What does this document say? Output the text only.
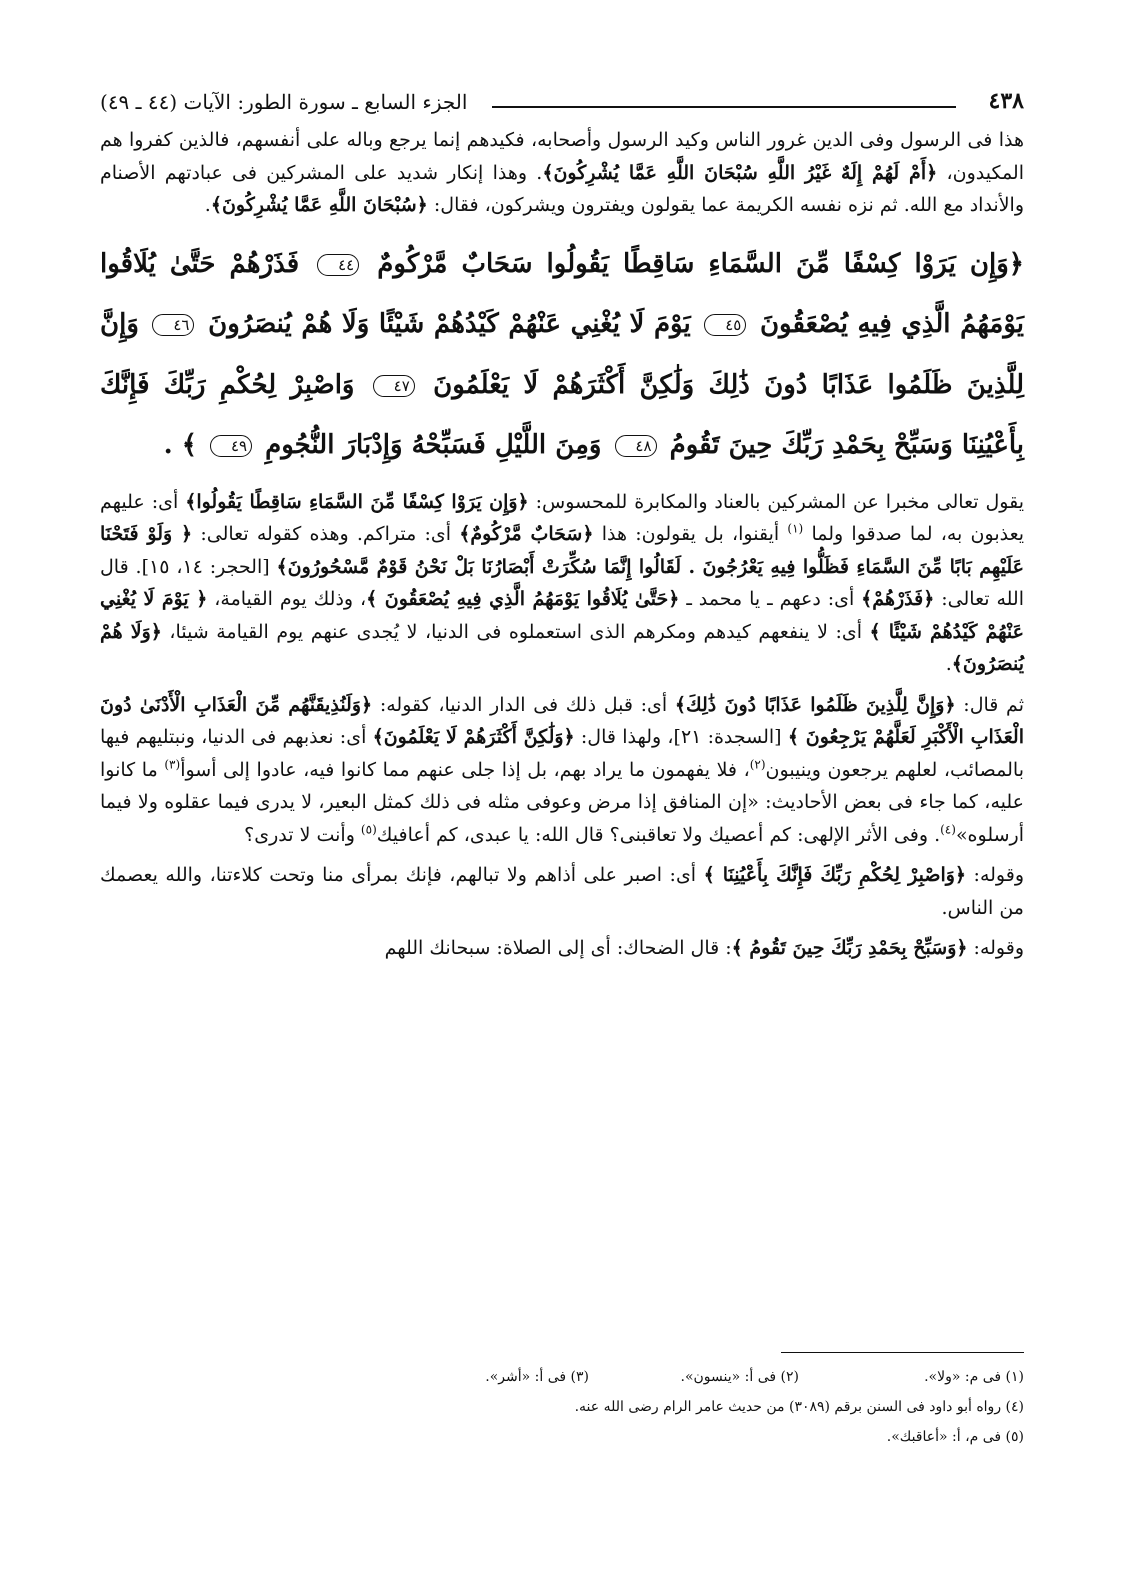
٤٣٨
الجزء السابع ـ سورة الطور: الآيات (٤٤ ـ ٤٩)

هذا فى الرسول وفى الدين غرور الناس وكيد الرسول وأصحابه، فكيدهم إنما يرجع وباله على أنفسهم، فالذين كفروا هم المكيدون، ﴿أَمْ لَهُمْ إِلَهٌ غَيْرُ اللَّهِ سُبْحَانَ اللَّهِ عَمَّا يُشْرِكُونَ﴾. وهذا إنكار شديد على المشركين فى عبادتهم الأصنام والأنداد مع الله. ثم نزه نفسه الكريمة عما يقولون ويفترون ويشركون، فقال: ﴿سُبْحَانَ اللَّهِ عَمَّا يُشْرِكُونَ﴾.

﴿وَإِن يَرَوْا كِسْفًا مِّنَ السَّمَاءِ سَاقِطًا يَقُولُوا سَحَابٌ مَّرْكُومٌ ٤٤ فَذَرْهُمْ حَتَّىٰ يُلَاقُوا يَوْمَهُمُ الَّذِي فِيهِ يُصْعَقُونَ ٤٥ يَوْمَ لَا يُغْنِي عَنْهُمْ كَيْدُهُمْ شَيْئًا وَلَا هُمْ يُنصَرُونَ ٤٦ وَإِنَّ لِلَّذِينَ ظَلَمُوا عَذَابًا دُونَ ذَٰلِكَ وَلَٰكِنَّ أَكْثَرَهُمْ لَا يَعْلَمُونَ ٤٧ وَاصْبِرْ لِحُكْمِ رَبِّكَ فَإِنَّكَ بِأَعْيُنِنَا وَسَبِّحْ بِحَمْدِ رَبِّكَ حِينَ تَقُومُ ٤٨ وَمِنَ اللَّيْلِ فَسَبِّحْهُ وَإِدْبَارَ النُّجُومِ ٤٩ ﴾ .

يقول تعالى مخبرا عن المشركين بالعناد والمكابرة للمحسوس: ﴿وَإِن يَرَوْا كِسْفًا مِّنَ السَّمَاءِ سَاقِطًا يَقُولُوا﴾ أى: عليهم يعذبون به، لما صدقوا ولما $^{(١)}$ أيقنوا، بل يقولون: هذا ﴿سَحَابٌ مَّرْكُومٌ﴾ أى: متراكم. وهذه كقوله تعالى: ﴿ وَلَوْ فَتَحْنَا عَلَيْهِم بَابًا مِّنَ السَّمَاءِ فَظَلُّوا فِيهِ يَعْرُجُونَ . لَقَالُوا إِنَّمَا سُكِّرَتْ أَبْصَارُنَا بَلْ نَحْنُ قَوْمٌ مَّسْحُورُونَ﴾ [الحجر: ١٤، ١٥]. قال الله تعالى: ﴿فَذَرْهُمْ﴾ أى: دعهم ـ يا محمد ـ ﴿حَتَّىٰ يُلَاقُوا يَوْمَهُمُ الَّذِي فِيهِ يُصْعَقُونَ ﴾، وذلك يوم القيامة، ﴿ يَوْمَ لَا يُغْنِي عَنْهُمْ كَيْدُهُمْ شَيْئًا ﴾ أى: لا ينفعهم كيدهم ومكرهم الذى استعملوه فى الدنيا، لا يُجدى عنهم يوم القيامة شيئا، ﴿وَلَا هُمْ يُنصَرُونَ﴾.

ثم قال: ﴿وَإِنَّ لِلَّذِينَ ظَلَمُوا عَذَابًا دُونَ ذَٰلِكَ﴾ أى: قبل ذلك فى الدار الدنيا، كقوله: ﴿وَلَنُذِيقَنَّهُم مِّنَ الْعَذَابِ الْأَدْنَىٰ دُونَ الْعَذَابِ الْأَكْبَرِ لَعَلَّهُمْ يَرْجِعُونَ ﴾ [السجدة: ٢١]، ولهذا قال: ﴿وَلَٰكِنَّ أَكْثَرَهُمْ لَا يَعْلَمُونَ﴾ أى: نعذبهم فى الدنيا، ونبتليهم فيها بالمصائب، لعلهم يرجعون وينيبون$^{(٢)}$، فلا يفهمون ما يراد بهم، بل إذا جلى عنهم مما كانوا فيه، عادوا إلى أسوأ$^{(٣)}$ ما كانوا عليه، كما جاء فى بعض الأحاديث: «إن المنافق إذا مرض وعوفى مثله فى ذلك كمثل البعير، لا يدرى فيما عقلوه ولا فيما أرسلوه»$^{(٤)}$. وفى الأثر الإلهى: كم أعصيك ولا تعاقبنى؟ قال الله: يا عبدى، كم أعافيك$^{(٥)}$ وأنت لا تدرى؟

وقوله: ﴿وَاصْبِرْ لِحُكْمِ رَبِّكَ فَإِنَّكَ بِأَعْيُنِنَا ﴾ أى: اصبر على أذاهم ولا تبالهم، فإنك بمرأى منا وتحت كلاءتنا، والله يعصمك من الناس.

وقوله: ﴿وَسَبِّحْ بِحَمْدِ رَبِّكَ حِينَ تَقُومُ ﴾: قال الضحاك: أى إلى الصلاة: سبحانك اللهم

(١) فى م: «ولا».
(٢) فى أ: «ينسون».
(٣) فى أ: «أشر».
(٤) رواه أبو داود فى السنن برقم (٣٠٨٩) من حديث عامر الرام رضى الله عنه.
(٥) فى م، أ: «أعاقبك».
